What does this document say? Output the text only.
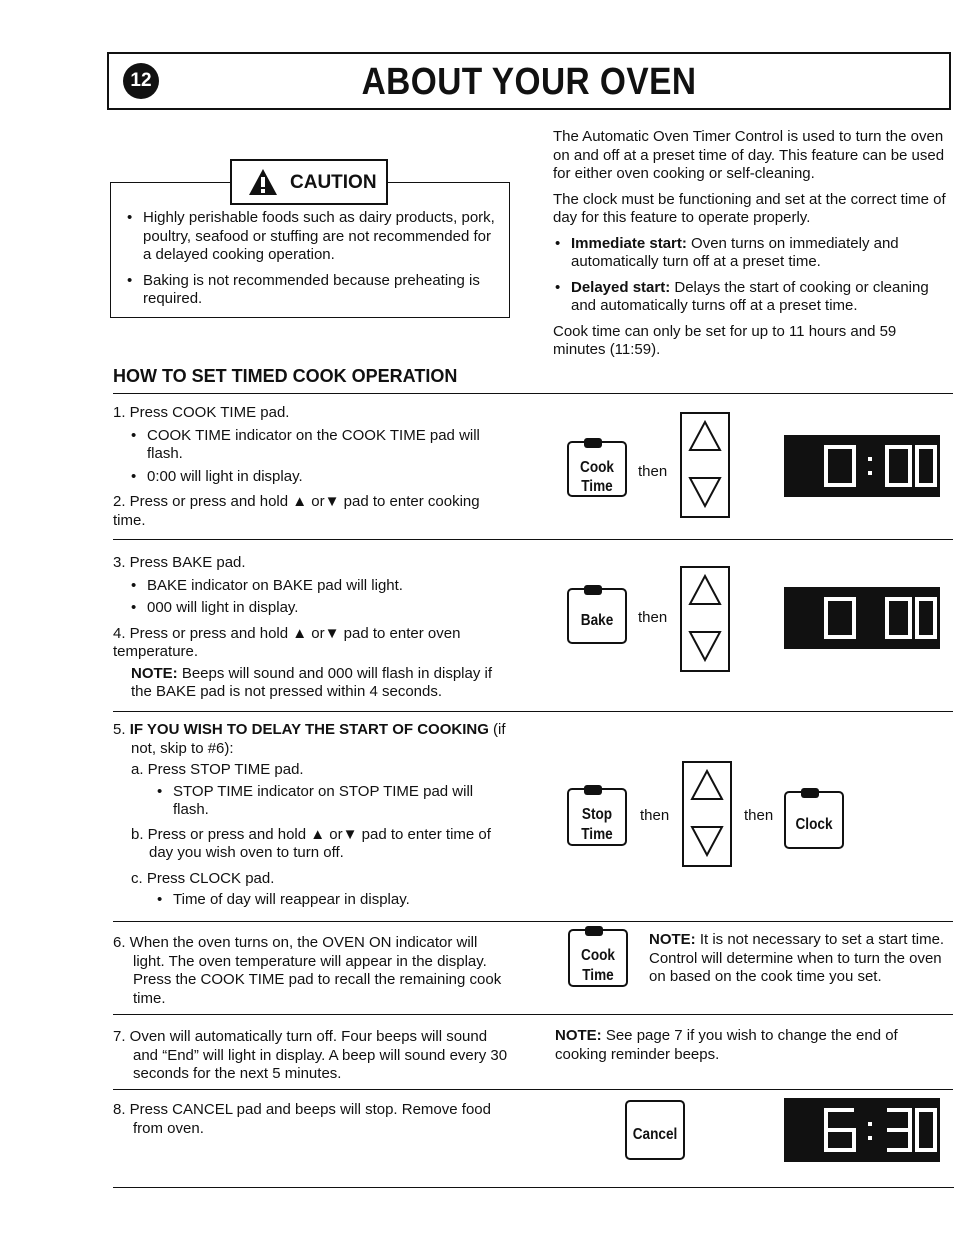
12	ABOUT YOUR OVEN
• Highly perishable foods such as dairy products, pork, poultry, seafood or stuffing are not recommended for a delayed cooking operation.
• Baking is not recommended because preheating is required.
CAUTION

The Automatic Oven Timer Control is used to turn the oven on and off at a preset time of day. This feature can be used for either oven cooking or self-cleaning.

The clock must be functioning and set at the correct time of day for this feature to operate properly.

• Immediate start: Oven turns on immediately and automatically turn off at a preset time.
• Delayed start: Delays the start of cooking or cleaning and automatically turns off at a preset time.

Cook time can only be set for up to 11 hours and 59 minutes (11:59).

HOW TO SET TIMED COOK OPERATION

1. Press COOK TIME pad.

• COOK TIME indicator on the COOK TIME pad will flash.
• 0:00 will light in display.

2. Press or press and hold ▲ or▼ pad to enter cooking time.

Cook
Time
then

3. Press BAKE pad.

• BAKE indicator on BAKE pad will light.
• 000 will light in display.

4. Press or press and hold ▲ or▼ pad to enter oven temperature.

NOTE: Beeps will sound and 000 will flash in display if the BAKE pad is not pressed within 4 seconds.

Bake	then

5. IF YOU WISH TO DELAY THE START OF COOKING (if not, skip to #6):

a. Press STOP TIME pad.

• STOP TIME indicator on STOP TIME pad will flash.

b. Press or press and hold ▲ or▼ pad to enter time of day you wish oven to turn off.

c. Press CLOCK pad.

• Time of day will reappear in display.
Stop
Time
then	then
Clock
6. When the oven turns on, the OVEN ON indicator will light. The oven temperature will appear in the display. Press the COOK TIME pad to recall the remaining cook time.
Cook
Time
NOTE: It is not necessary to set a start time. Control will determine when to turn the oven on based on the cook time you set.
7. Oven will automatically turn off. Four beeps will sound and “End” will light in display. A beep will sound every 30 seconds for the next 5 minutes.
NOTE: See page 7 if you wish to change the end of cooking reminder beeps.
8. Press CANCEL pad and beeps will stop. Remove food from oven.	Cancel
